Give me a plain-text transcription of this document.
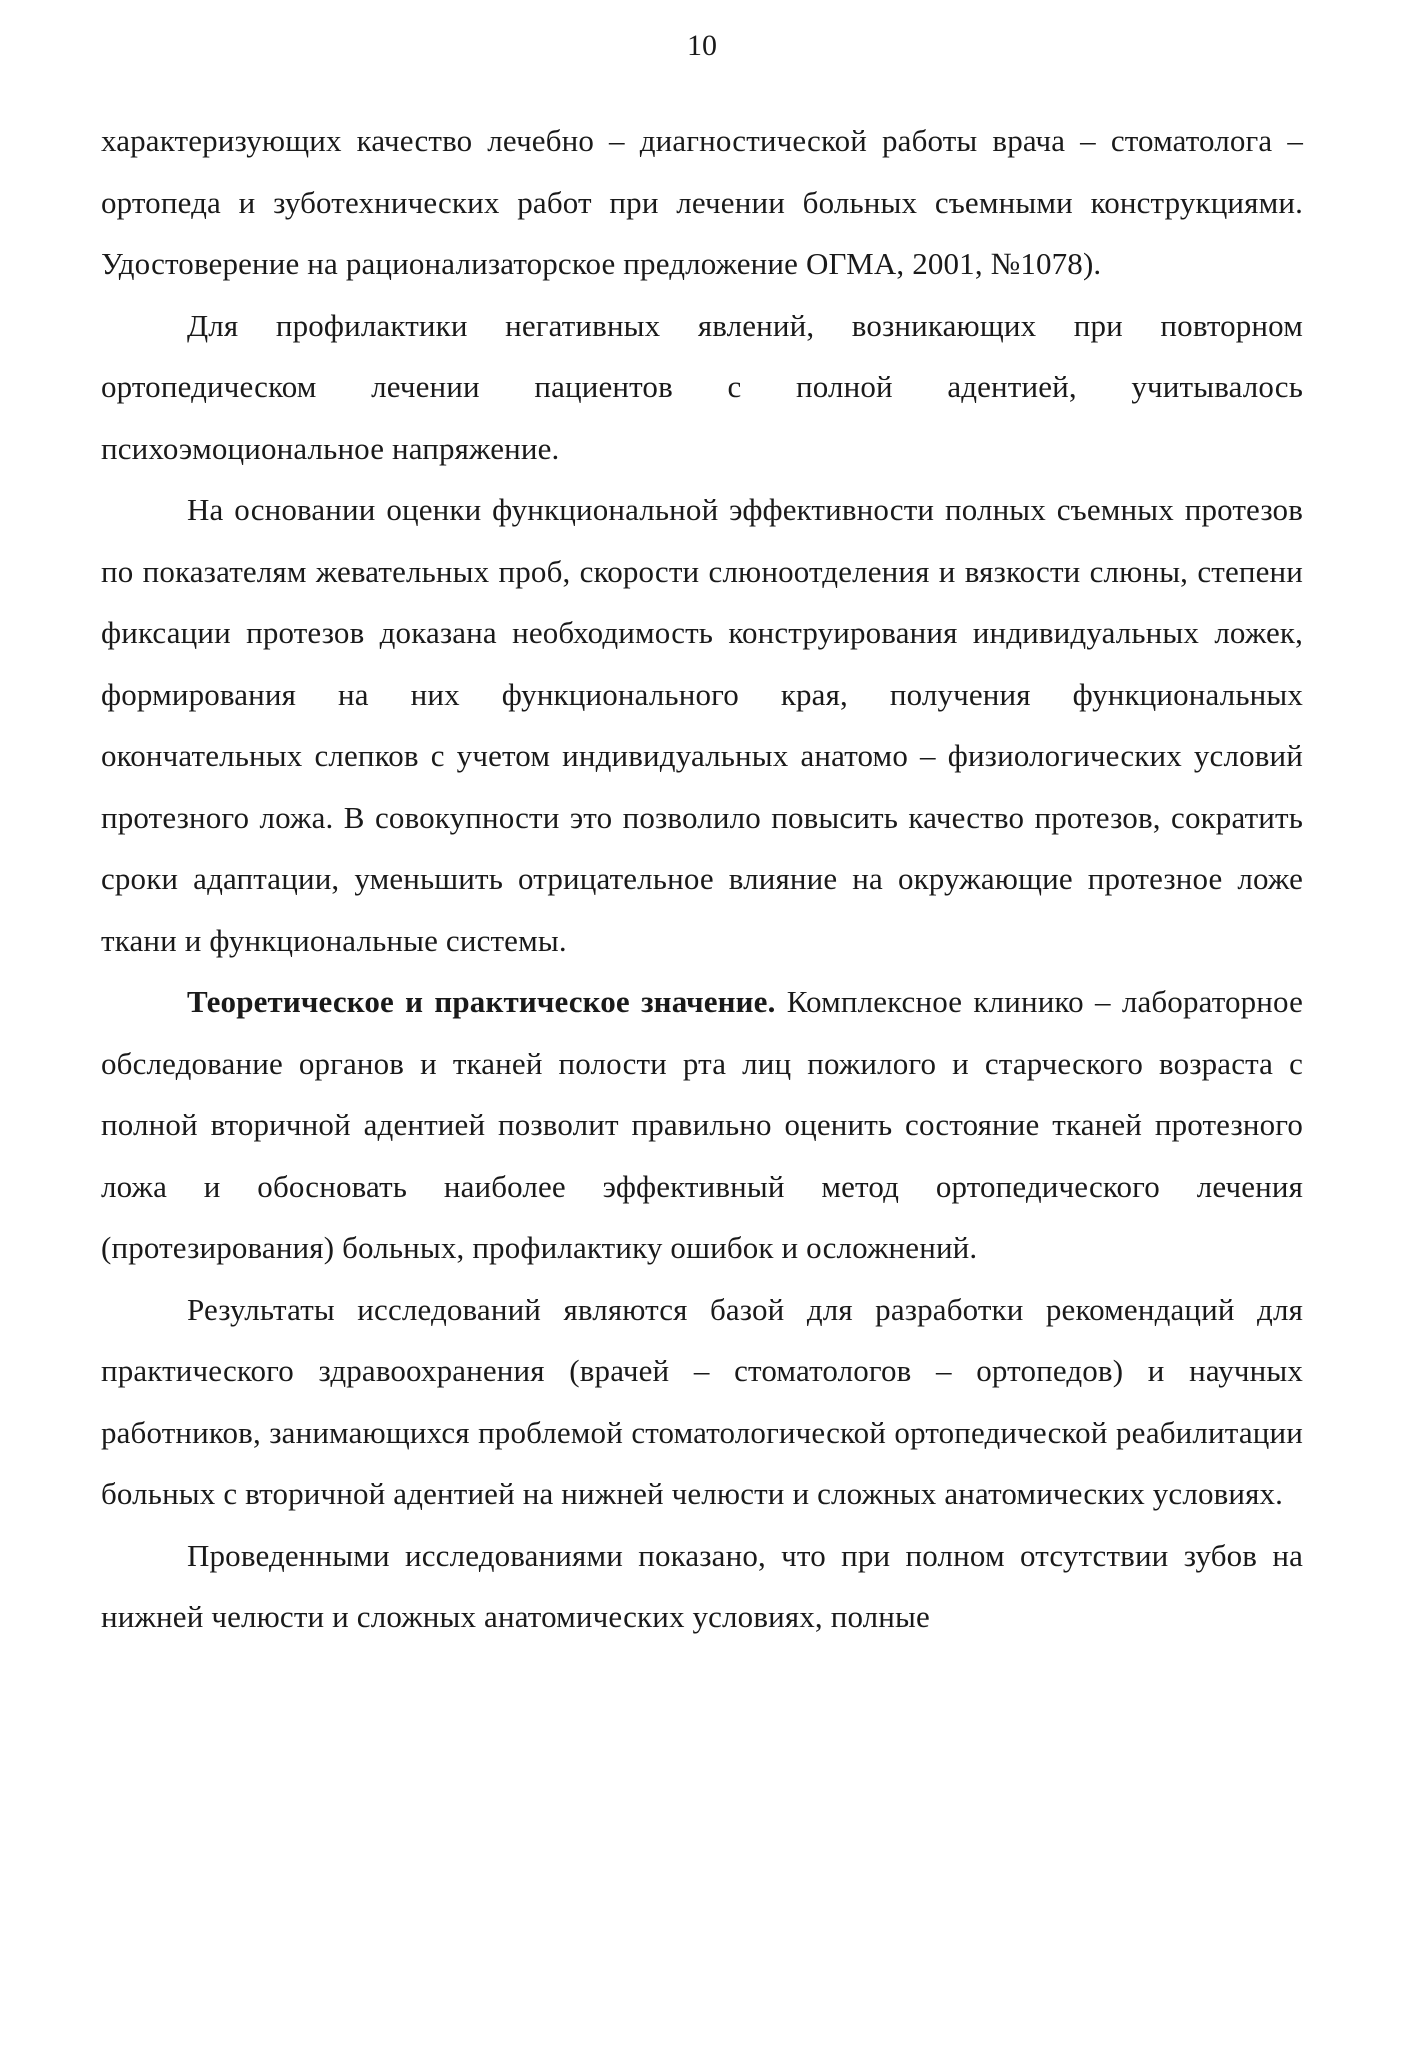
10

характеризующих качество лечебно – диагностической работы врача – стоматолога – ортопеда и зуботехнических работ при лечении больных съемными конструкциями. Удостоверение на рационализаторское предложение ОГМА, 2001, №1078).

Для профилактики негативных явлений, возникающих при повторном ортопедическом лечении пациентов с полной адентией, учитывалось психоэмоциональное напряжение.

На основании оценки функциональной эффективности полных съемных протезов по показателям жевательных проб, скорости слюноотделения и вязкости слюны, степени фиксации протезов доказана необходимость конструирования индивидуальных ложек, формирования на них функционального края, получения функциональных окончательных слепков с учетом индивидуальных анатомо – физиологических условий протезного ложа. В совокупности это позволило повысить качество протезов, сократить сроки адаптации, уменьшить отрицательное влияние на окружающие протезное ложе ткани и функциональные системы.

Теоретическое и практическое значение. Комплексное клинико – лабораторное обследование органов и тканей полости рта лиц пожилого и старческого возраста с полной вторичной адентией позволит правильно оценить состояние тканей протезного ложа и обосновать наиболее эффективный метод ортопедического лечения (протезирования) больных, профилактику ошибок и осложнений.

Результаты исследований являются базой для разработки рекомендаций для практического здравоохранения (врачей – стоматологов – ортопедов) и научных работников, занимающихся проблемой стоматологической ортопедической реабилитации больных с вторичной адентией на нижней челюсти и сложных анатомических условиях.

Проведенными исследованиями показано, что при полном отсутствии зубов на нижней челюсти и сложных анатомических условиях, полные
